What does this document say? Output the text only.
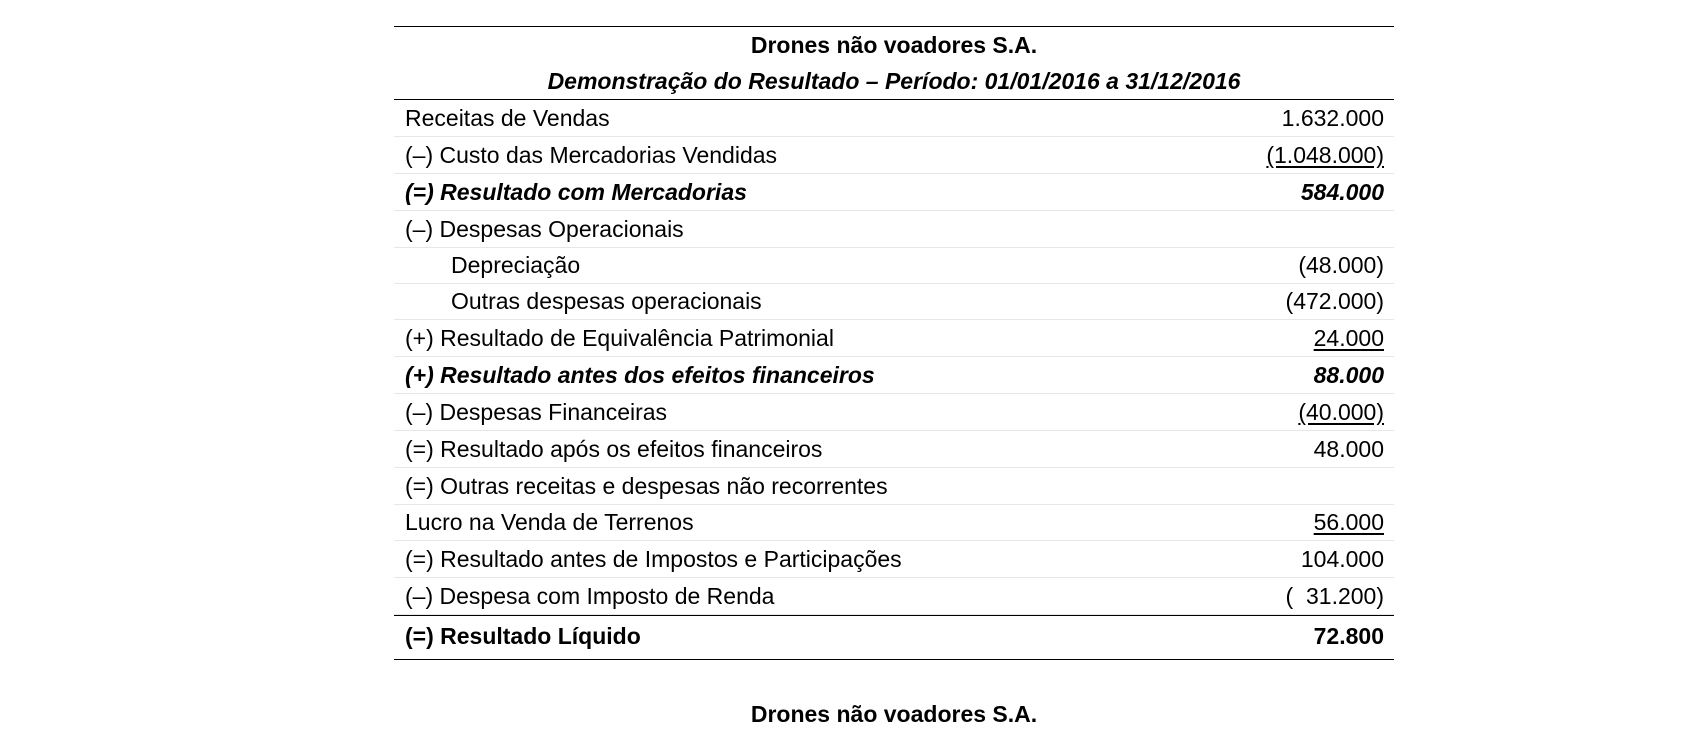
Drones não voadores S.A.
Demonstração do Resultado – Período: 01/01/2016 a 31/12/2016
Receitas de Vendas	1.632.000
(–) Custo das Mercadorias Vendidas	(1.048.000)
(=) Resultado com Mercadorias	584.000
(–) Despesas Operacionais
Depreciação	(48.000)
Outras despesas operacionais	(472.000)
(+) Resultado de Equivalência Patrimonial	24.000
(+) Resultado antes dos efeitos financeiros	88.000
(–) Despesas Financeiras	(40.000)
(=) Resultado após os efeitos financeiros	48.000
(=) Outras receitas e despesas não recorrentes
Lucro na Venda de Terrenos	56.000
(=) Resultado antes de Impostos e Participações	104.000
(–) Despesa com Imposto de Renda	(  31.200)
(=) Resultado Líquido	72.800
Drones não voadores S.A.
